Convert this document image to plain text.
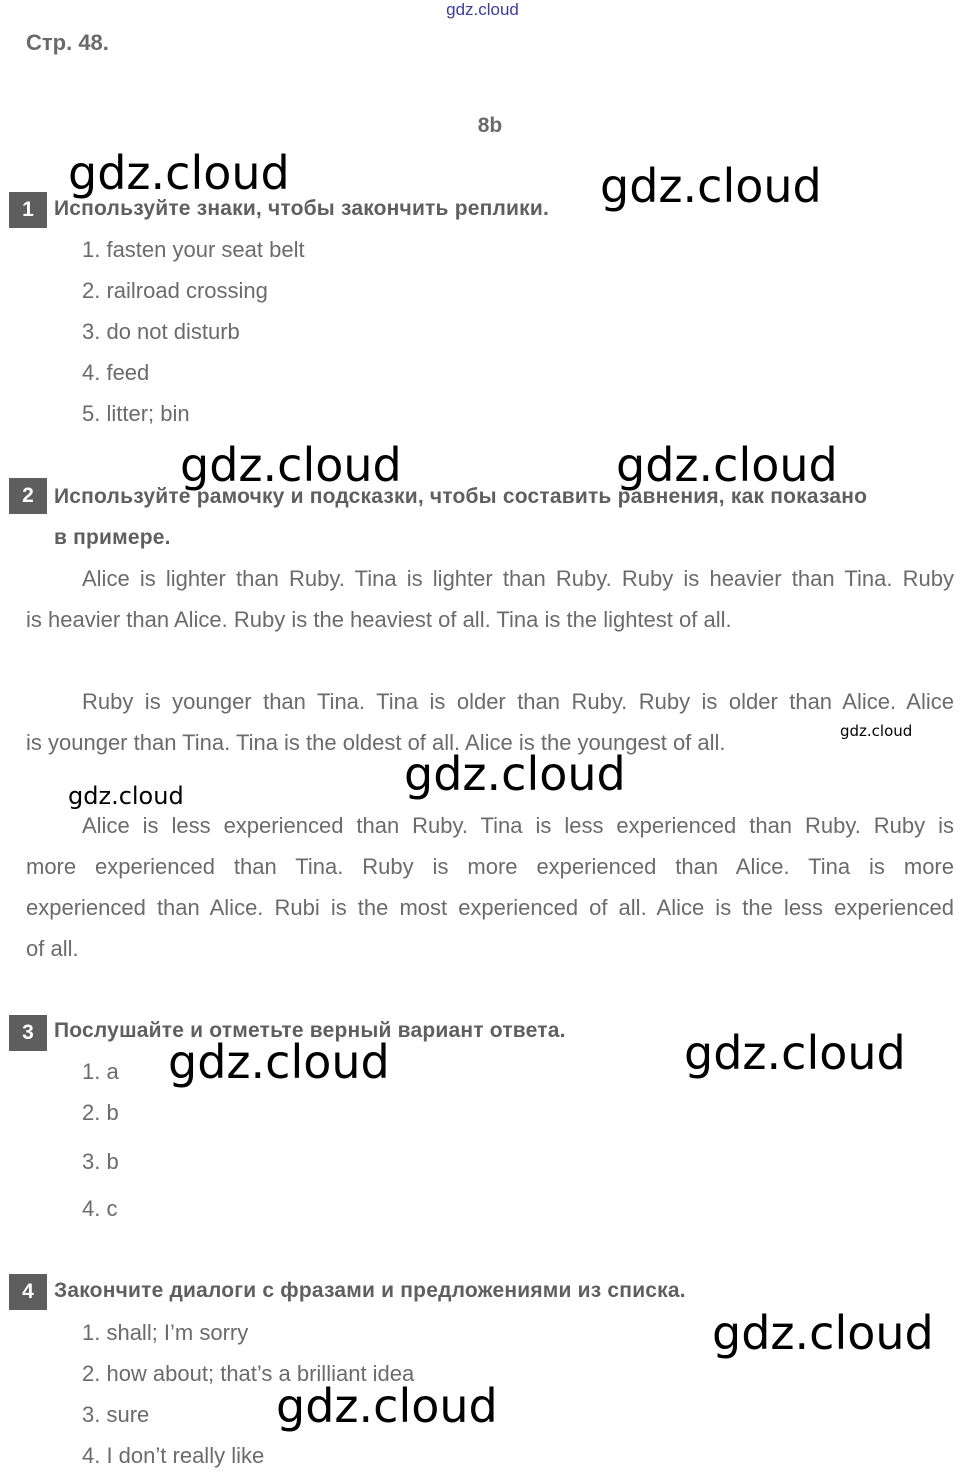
gdz.cloud
Стр. 48.
8b
1 Используйте знаки, чтобы закончить реплики.
1. fasten your seat belt
2. railroad crossing
3. do not disturb
4. feed
5. litter; bin
2 Используйте рамочку и подсказки, чтобы составить равнения, как показано
в примере.
Alice is lighter than Ruby. Tina is lighter than Ruby. Ruby is heavier than Tina. Ruby
is heavier than Alice. Ruby is the heaviest of all. Tina is the lightest of all.
Ruby is younger than Tina. Tina is older than Ruby. Ruby is older than Alice. Alice
is younger than Tina. Tina is the oldest of all. Alice is the youngest of all.
Alice is less experienced than Ruby. Tina is less experienced than Ruby. Ruby is
more experienced than Tina. Ruby is more experienced than Alice. Tina is more
experienced than Alice. Rubi is the most experienced of all. Alice is the less experienced
of all.
3 Послушайте и отметьте верный вариант ответа.
1. a
2. b
3. b
4. c
4 Закончите диалоги с фразами и предложениями из списка.
1. shall; I’m sorry
2. how about; that’s a brilliant idea
3. sure
4. I don’t really like
gdz.cloud	gdz.cloud
gdz.cloud	gdz.cloud
gdz.cloud
gdz.cloud
gdz.cloud
gdz.cloud	gdz.cloud
gdz.cloud
gdz.cloud
